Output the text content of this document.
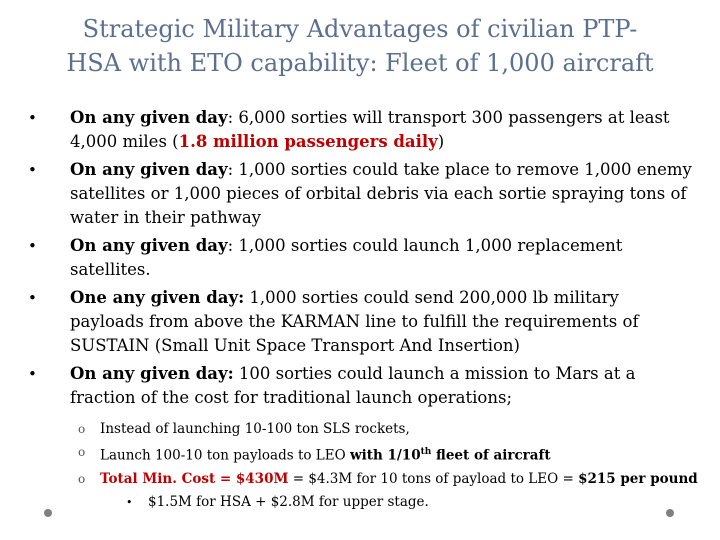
Strategic Military Advantages of civilian PTP-
HSA with ETO capability: Fleet of 1,000 aircraft
•	On any given day: 6,000 sorties will transport 300 passengers at least 4,000 miles (1.8 million passengers daily)
•	On any given day: 1,000 sorties could take place to remove 1,000 enemy satellites or 1,000 pieces of orbital debris via each sortie spraying tons of water in their pathway
•	On any given day: 1,000 sorties could launch 1,000 replacement satellites.
•	One any given day: 1,000 sorties could send 200,000 lb military payloads from above the KARMAN line to fulfill the requirements of SUSTAIN (Small Unit Space Transport And Insertion)
•	On any given day: 100 sorties could launch a mission to Mars at a fraction of the cost for traditional launch operations;
o	Instead of launching 10-100 ton SLS rockets,
o	Launch 100-10 ton payloads to LEO with 1/10th fleet of aircraft
o	Total Min. Cost = $430M = $4.3M for 10 tons of payload to LEO = $215 per pound
•	$1.5M for HSA + $2.8M for upper stage.
